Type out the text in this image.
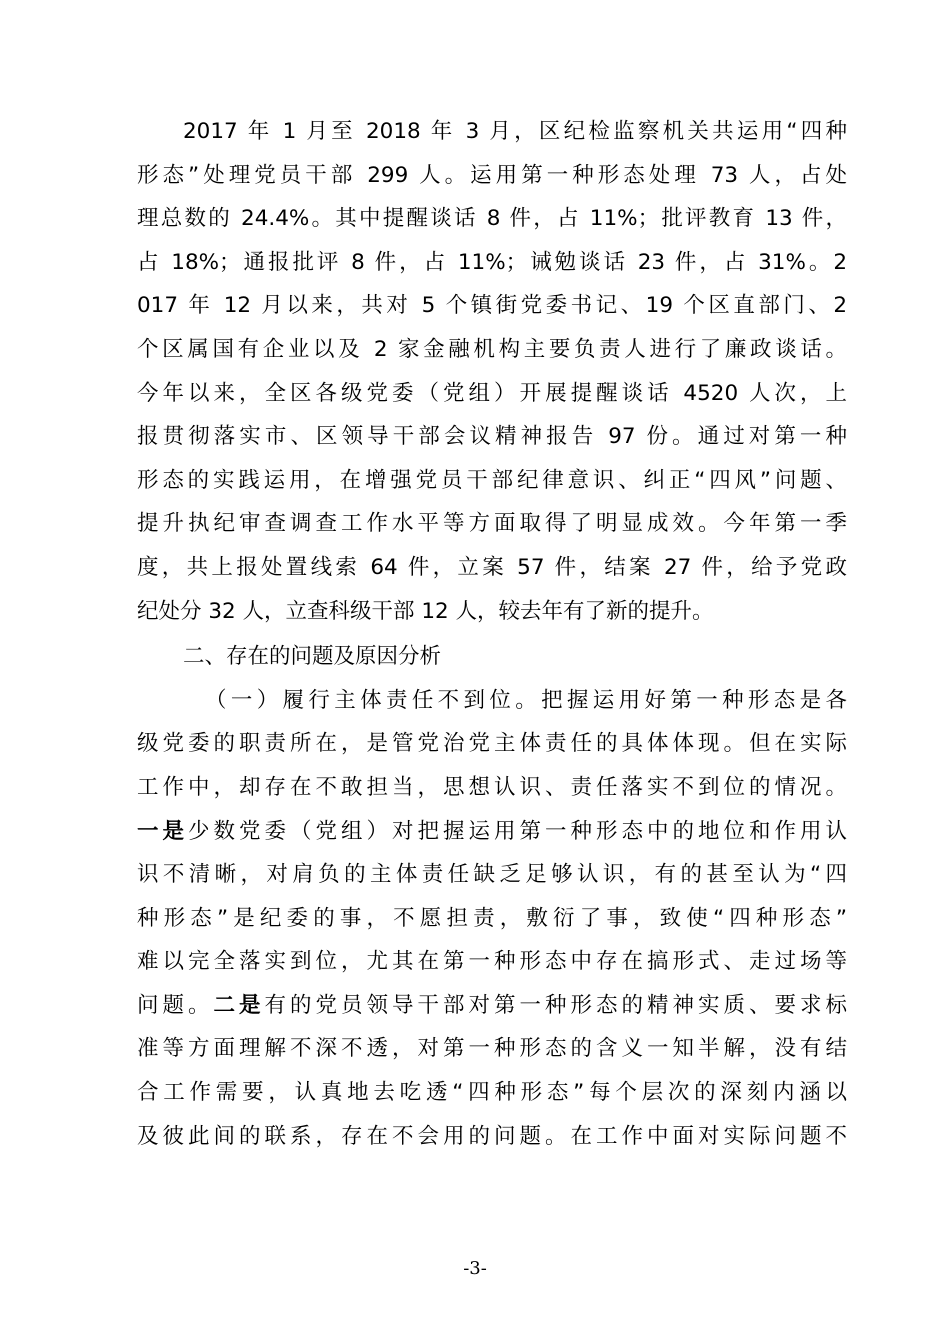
2017 年 1 月至 2018 年 3 月，区纪检监察机关共运用“四种
形态”处理党员干部 299 人。运用第一种形态处理 73 人，占处
理总数的 24.4%。其中提醒谈话 8 件，占 11%；批评教育 13 件，
占 18%；通报批评 8 件，占 11%；诫勉谈话 23 件，占 31%。2
017 年 12 月以来，共对 5 个镇街党委书记、19 个区直部门、2
个区属国有企业以及 2 家金融机构主要负责人进行了廉政谈话。
今年以来，全区各级党委（党组）开展提醒谈话 4520 人次，上
报贯彻落实市、区领导干部会议精神报告 97 份。通过对第一种
形态的实践运用，在增强党员干部纪律意识、纠正“四风”问题、
提升执纪审查调查工作水平等方面取得了明显成效。今年第一季
度，共上报处置线索 64 件，立案 57 件，结案 27 件，给予党政
纪处分 32 人，立查科级干部 12 人，较去年有了新的提升。
二、存在的问题及原因分析
（一）履行主体责任不到位。把握运用好第一种形态是各
级党委的职责所在，是管党治党主体责任的具体体现。但在实际
工作中，却存在不敢担当，思想认识、责任落实不到位的情况。
一是少数党委（党组）对把握运用第一种形态中的地位和作用认
识不清晰，对肩负的主体责任缺乏足够认识，有的甚至认为“四
种形态”是纪委的事，不愿担责，敷衍了事，致使“四种形态”
难以完全落实到位，尤其在第一种形态中存在搞形式、走过场等
问题。二是有的党员领导干部对第一种形态的精神实质、要求标
准等方面理解不深不透，对第一种形态的含义一知半解，没有结
合工作需要，认真地去吃透“四种形态”每个层次的深刻内涵以
及彼此间的联系，存在不会用的问题。在工作中面对实际问题不
-3-
